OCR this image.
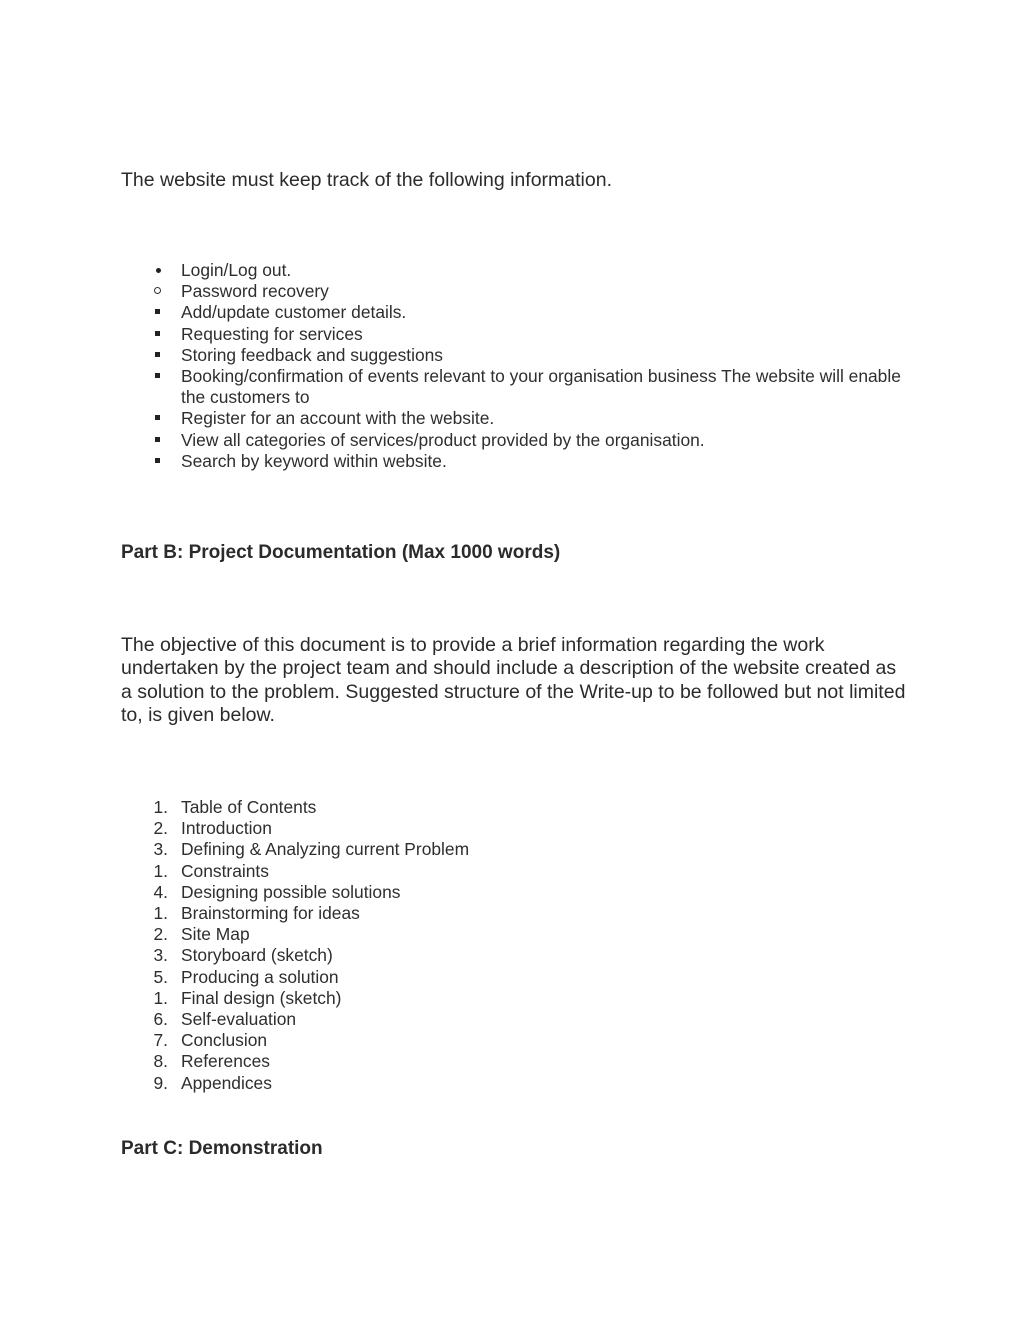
The website must keep track of the following information.

Login/Log out.
Password recovery
Add/update customer details.
Requesting for services
Storing feedback and suggestions
Booking/confirmation of events relevant to your organisation business The website will enable the customers to
Register for an account with the website.
View all categories of services/product provided by the organisation.
Search by keyword within website.
Part B: Project Documentation (Max 1000 words)

The objective of this document is to provide a brief information regarding the work undertaken by the project team and should include a description of the website created as a solution to the problem. Suggested structure of the Write-up to be followed but not limited to, is given below.

1. Table of Contents
2. Introduction
3. Defining & Analyzing current Problem
1. Constraints
4. Designing possible solutions
1. Brainstorming for ideas
2. Site Map
3. Storyboard (sketch)
5. Producing a solution
1. Final design (sketch)
6. Self-evaluation
7. Conclusion
8. References
9. Appendices
Part C: Demonstration
